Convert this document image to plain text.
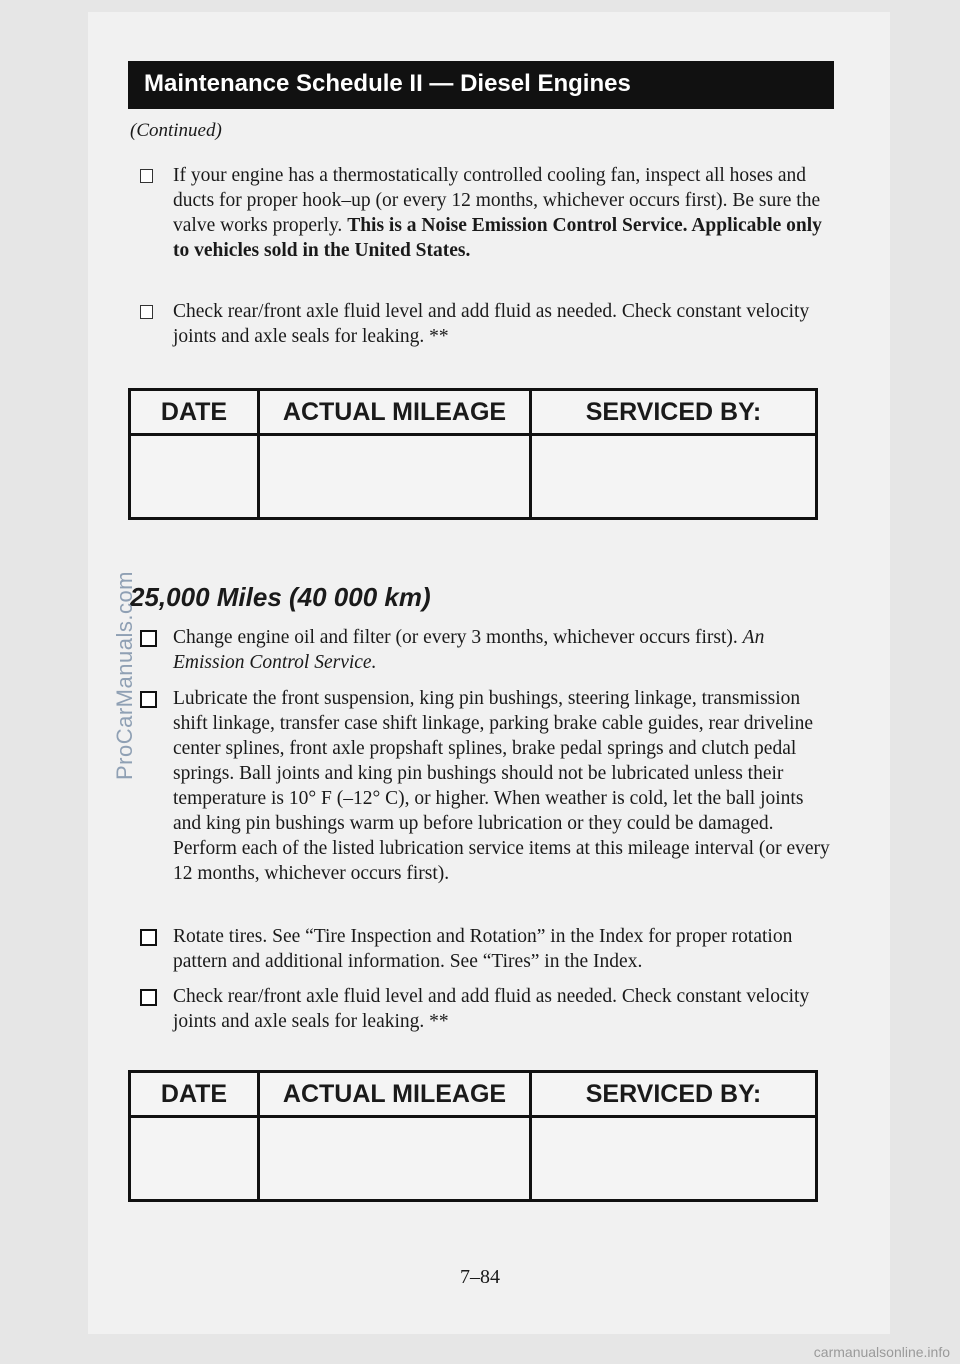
Maintenance Schedule II — Diesel Engines
(Continued)
If your engine has a thermostatically controlled cooling fan, inspect all hoses and ducts for proper hook–up (or every 12 months, whichever occurs first). Be sure the valve works properly. This is a Noise Emission Control Service. Applicable only to vehicles sold in the United States.
Check rear/front axle fluid level and add fluid as needed. Check constant velocity joints and axle seals for leaking. **
DATE	ACTUAL MILEAGE	SERVICED BY:
25,000 Miles (40 000 km)
Change engine oil and filter (or every 3 months, whichever occurs first). An Emission Control Service.
Lubricate the front suspension, king pin bushings, steering linkage, transmission shift linkage, transfer case shift linkage, parking brake cable guides, rear driveline center splines, front axle propshaft splines, brake pedal springs and clutch pedal springs. Ball joints and king pin bushings should not be lubricated unless their temperature is 10° F (–12° C), or higher. When weather is cold, let the ball joints and king pin bushings warm up before lubrication or they could be damaged. Perform each of the listed lubrication service items at this mileage interval (or every 12 months, whichever occurs first).
Rotate tires. See “Tire Inspection and Rotation” in the Index for proper rotation pattern and additional information. See “Tires” in the Index.
Check rear/front axle fluid level and add fluid as needed. Check constant velocity joints and axle seals for leaking. **
DATE	ACTUAL MILEAGE	SERVICED BY:
7–84
ProCarManuals.com
carmanualsonline.info
